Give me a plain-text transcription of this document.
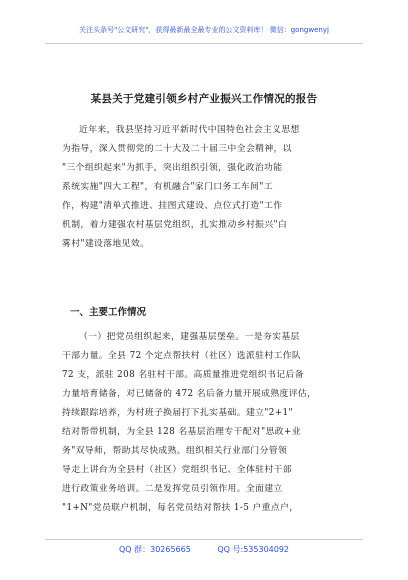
关注头条号"公文研究"，获得最新最全最专业的公文资料库！ 微信：gongwenyj
某县关于党建引领乡村产业振兴工作情况的报告
近年来，我县坚持习近平新时代中国特色社会主义思想
为指导，深入贯彻党的二十大及二十届三中全会精神，以
"三个组织起来"为抓手，突出组织引领，强化政治功能
系统实施"四大工程"，有机融合"家门口务工车间"工
作，构建"清单式推进、挂图式建设、点位式打造"工作
机制，着力建强农村基层党组织，扎实推动乡村振兴"白
雾村"建设落地见效。
一、主要工作情况
（一）把党员组织起来，建强基层堡垒。一是夯实基层
干部力量。全县 72 个定点帮扶村（社区）选派驻村工作队
72 支，派驻 208 名驻村干部。高质量推进党组织书记后备
力量培育储备，对已储备的 472 名后备力量开展成熟度评估，
持续跟踪培养，为村班子换届打下扎实基础。建立"2+1"
结对帮带机制，为全县 128 名基层治理专干配对"思政+业
务"双导师，帮助其尽快成熟。组织相关行业部门分管领
导走上讲台为全县村（社区）党组织书记、全体驻村干部
进行政策业务培训。二是发挥党员引领作用。全面建立
"1+N"党员联户机制，每名党员结对帮扶 1-5 户重点户，
QQ 群：30265665	QQ 号:535304092
